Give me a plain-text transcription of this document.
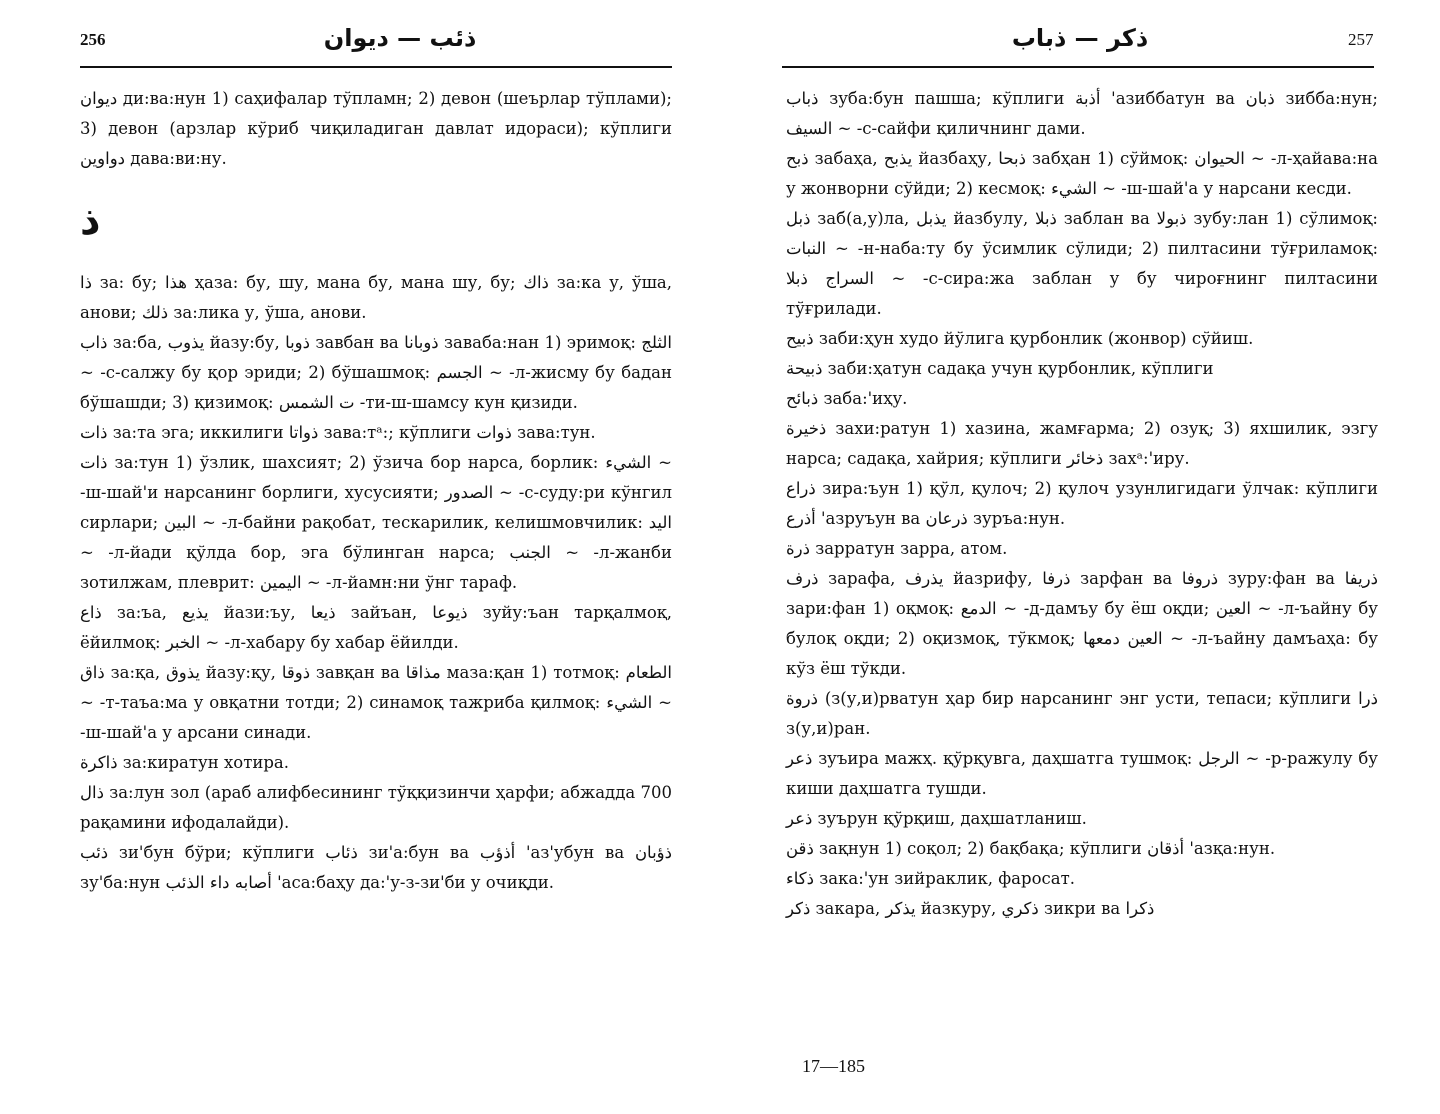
256	ذئب — ديوان

ديوان ди:ва:нун 1) саҳифалар тўпламн; 2) девон (шеърлар тўплами); 3) девон (арзлар кўриб чиқиладиган давлат идораси); кўплиги دواوين дава:ви:ну.

ذ

ذا за: бу; هذا ҳаза: бу, шу, мана бу, мана шу, бу; ذاك за:ка у, ўша, анови; ذلك за:лика у, ўша, анови.

ذاب за:ба, يذوب йазу:бу, ذوبا завбан ва ذوبانا заваба:нан 1) эримоқ: الثلج ~ -с-салжу бу қор эриди; 2) бўшашмоқ: الجسم ~ -л-жисму бу бадан бўшашди; 3) қизимоқ: ت الشمس -ти-ш-шамсу кун қизиди.

ذات за:та эга; иккилиги ذواتا зава:тᵃ:; кўплиги ذوات зава:тун.

ذات за:тун 1) ўзлик, шахсият; 2) ўзича бор нарса, борлик: الشيء ~ -ш-шай'и нарсанинг борлиги, хусусияти; الصدور ~ -с-суду:ри кўнгил сирлари; البين ~ -л-байни рақобат, тескарилик, келишмовчилик: اليد ~ -л-йади қўлда бор, эга бўлинган нарса; الجنب ~ -л-жанби зотилжам, плеврит: اليمين ~ -л-йамн:ни ўнг тараф.

ذاع за:ъа, يذيع йази:ъу, ذيعا зайъан, ذيوعا зуйу:ъан тарқалмоқ, ёйилмоқ: الخبر ~ -л-хабару бу хабар ёйилди.

ذاق за:қа, يذوق йазу:қу, ذوقا завқан ва مذاقا маза:қан 1) тотмоқ: الطعام ~ -т-таъа:ма у овқатни тотди; 2) синамоқ тажриба қилмоқ: الشيء ~ -ш-шай'а у арсани синади.

ذاكرة за:киратун хотира.

ذال за:лун зол (араб алифбесининг тўққизинчи ҳарфи; абжадда 700 рақамини ифодалайди).

ذئب зи'бун бўри; кўплиги ذئاب зи'а:бун ва أذؤب 'аз'убун ва ذؤبان зу'ба:нун أصابه داء الذئب 'аса:баҳу да:'у-з-зи'би у очиқди.

257
ذكر — ذباب

ذباب зуба:бун пашша; кўплиги أذبة 'азиббатун ва ذبان зибба:нун; السيف ~ -с-сайфи қиличнинг дами.

ذبح забаҳа, يذبح йазбаҳу, ذبحا забҳан 1) сўймоқ: الحيوان ~ -л-ҳайава:на у жонворни сўйди; 2) кесмоқ: الشيء ~ -ш-шай'а у нарсани кесди.

ذبل заб(а,у)ла, يذبل йазбулу, ذبلا заблан ва ذبولا зубу:лан 1) сўлимоқ: النبات ~ -н-наба:ту бу ўсимлик сўлиди; 2) пилтасини тўғриламоқ: السراج ذبلا ~ -с-сира:жа заблан у бу чироғнинг пилтасини тўғрилади.

ذبيح заби:ҳун худо йўлига қурбонлик (жонвор) сўйиш.

ذبيحة заби:ҳатун садақа учун қурбонлик, кўплиги

ذبائح заба:'иҳу.

ذخيرة захи:ратун 1) хазина, жамғарма; 2) озуқ; 3) яхшилик, эзгу нарса; садақа, хайрия; кўплиги ذخائر захᵃ:'иру.

ذراع зира:ъун 1) қўл, қулоч; 2) қулоч узунлигидаги ўлчак: кўплиги أذرع 'азруъун ва ذرعان зуръа:нун.

ذرة зарратун зарра, атом.

ذرف зарафа, يذرف йазрифу, ذرفا зарфан ва ذروفا зуру:фан ва ذريفا зари:фан 1) оқмоқ: الدمع ~ -д-дамъу бу ёш оқди; العين ~ -л-ъайну бу булоқ оқди; 2) оқизмоқ, тўкмоқ; العين دمعها ~ -л-ъайну дамъаҳа: бу кўз ёш тўкди.

ذروة (з(у,и)рватун ҳар бир нарсанинг энг усти, тепаси; кўплиги ذرا з(у,и)ран.

ذعر зуъира мажҳ. қўрқувга, даҳшатга тушмоқ: الرجل ~ -р-ражулу бу киши даҳшатга тушди.

ذعر зуърун қўрқиш, даҳшатланиш.

ذقن зақнун 1) соқол; 2) бақбақа; кўплиги أذقان 'азқа:нун.

ذكاء зака:'ун зийраклик, фаросат.

ذكر закара, يذكر йазкуру, ذكري зикри ва ذكرا

17—185
